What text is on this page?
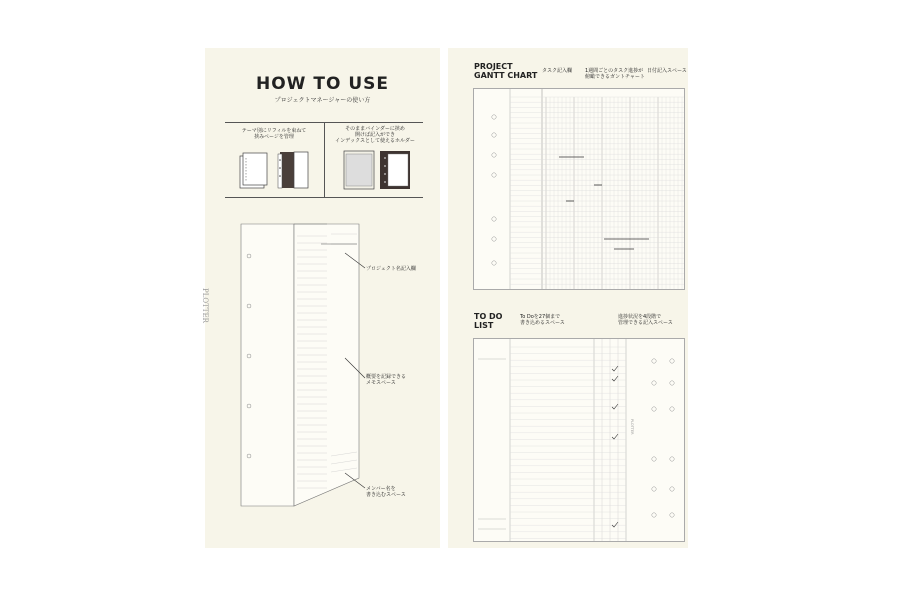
HOW TO USE
プロジェクトマネージャーの使い方
テーマ別にリフィルを束ねて
挟みページを管理
そのままバインダーに挟め
開けば記入ができ
インデックスとして使えるホルダー
PLOTTER
プロジェクト名記入欄
概要を記録できる
メモスペース
メンバー名を
書き込むスペース
PROJECT
GANTT CHART タスク記入欄	1週間ごとのタスク進捗が
俯瞰できるガントチャート
日付記入スペース
TO DO
LIST
To Doを27個まで
書き込めるスペース
進捗状況を4段階で
管理できる記入スペース
PLOTTER
